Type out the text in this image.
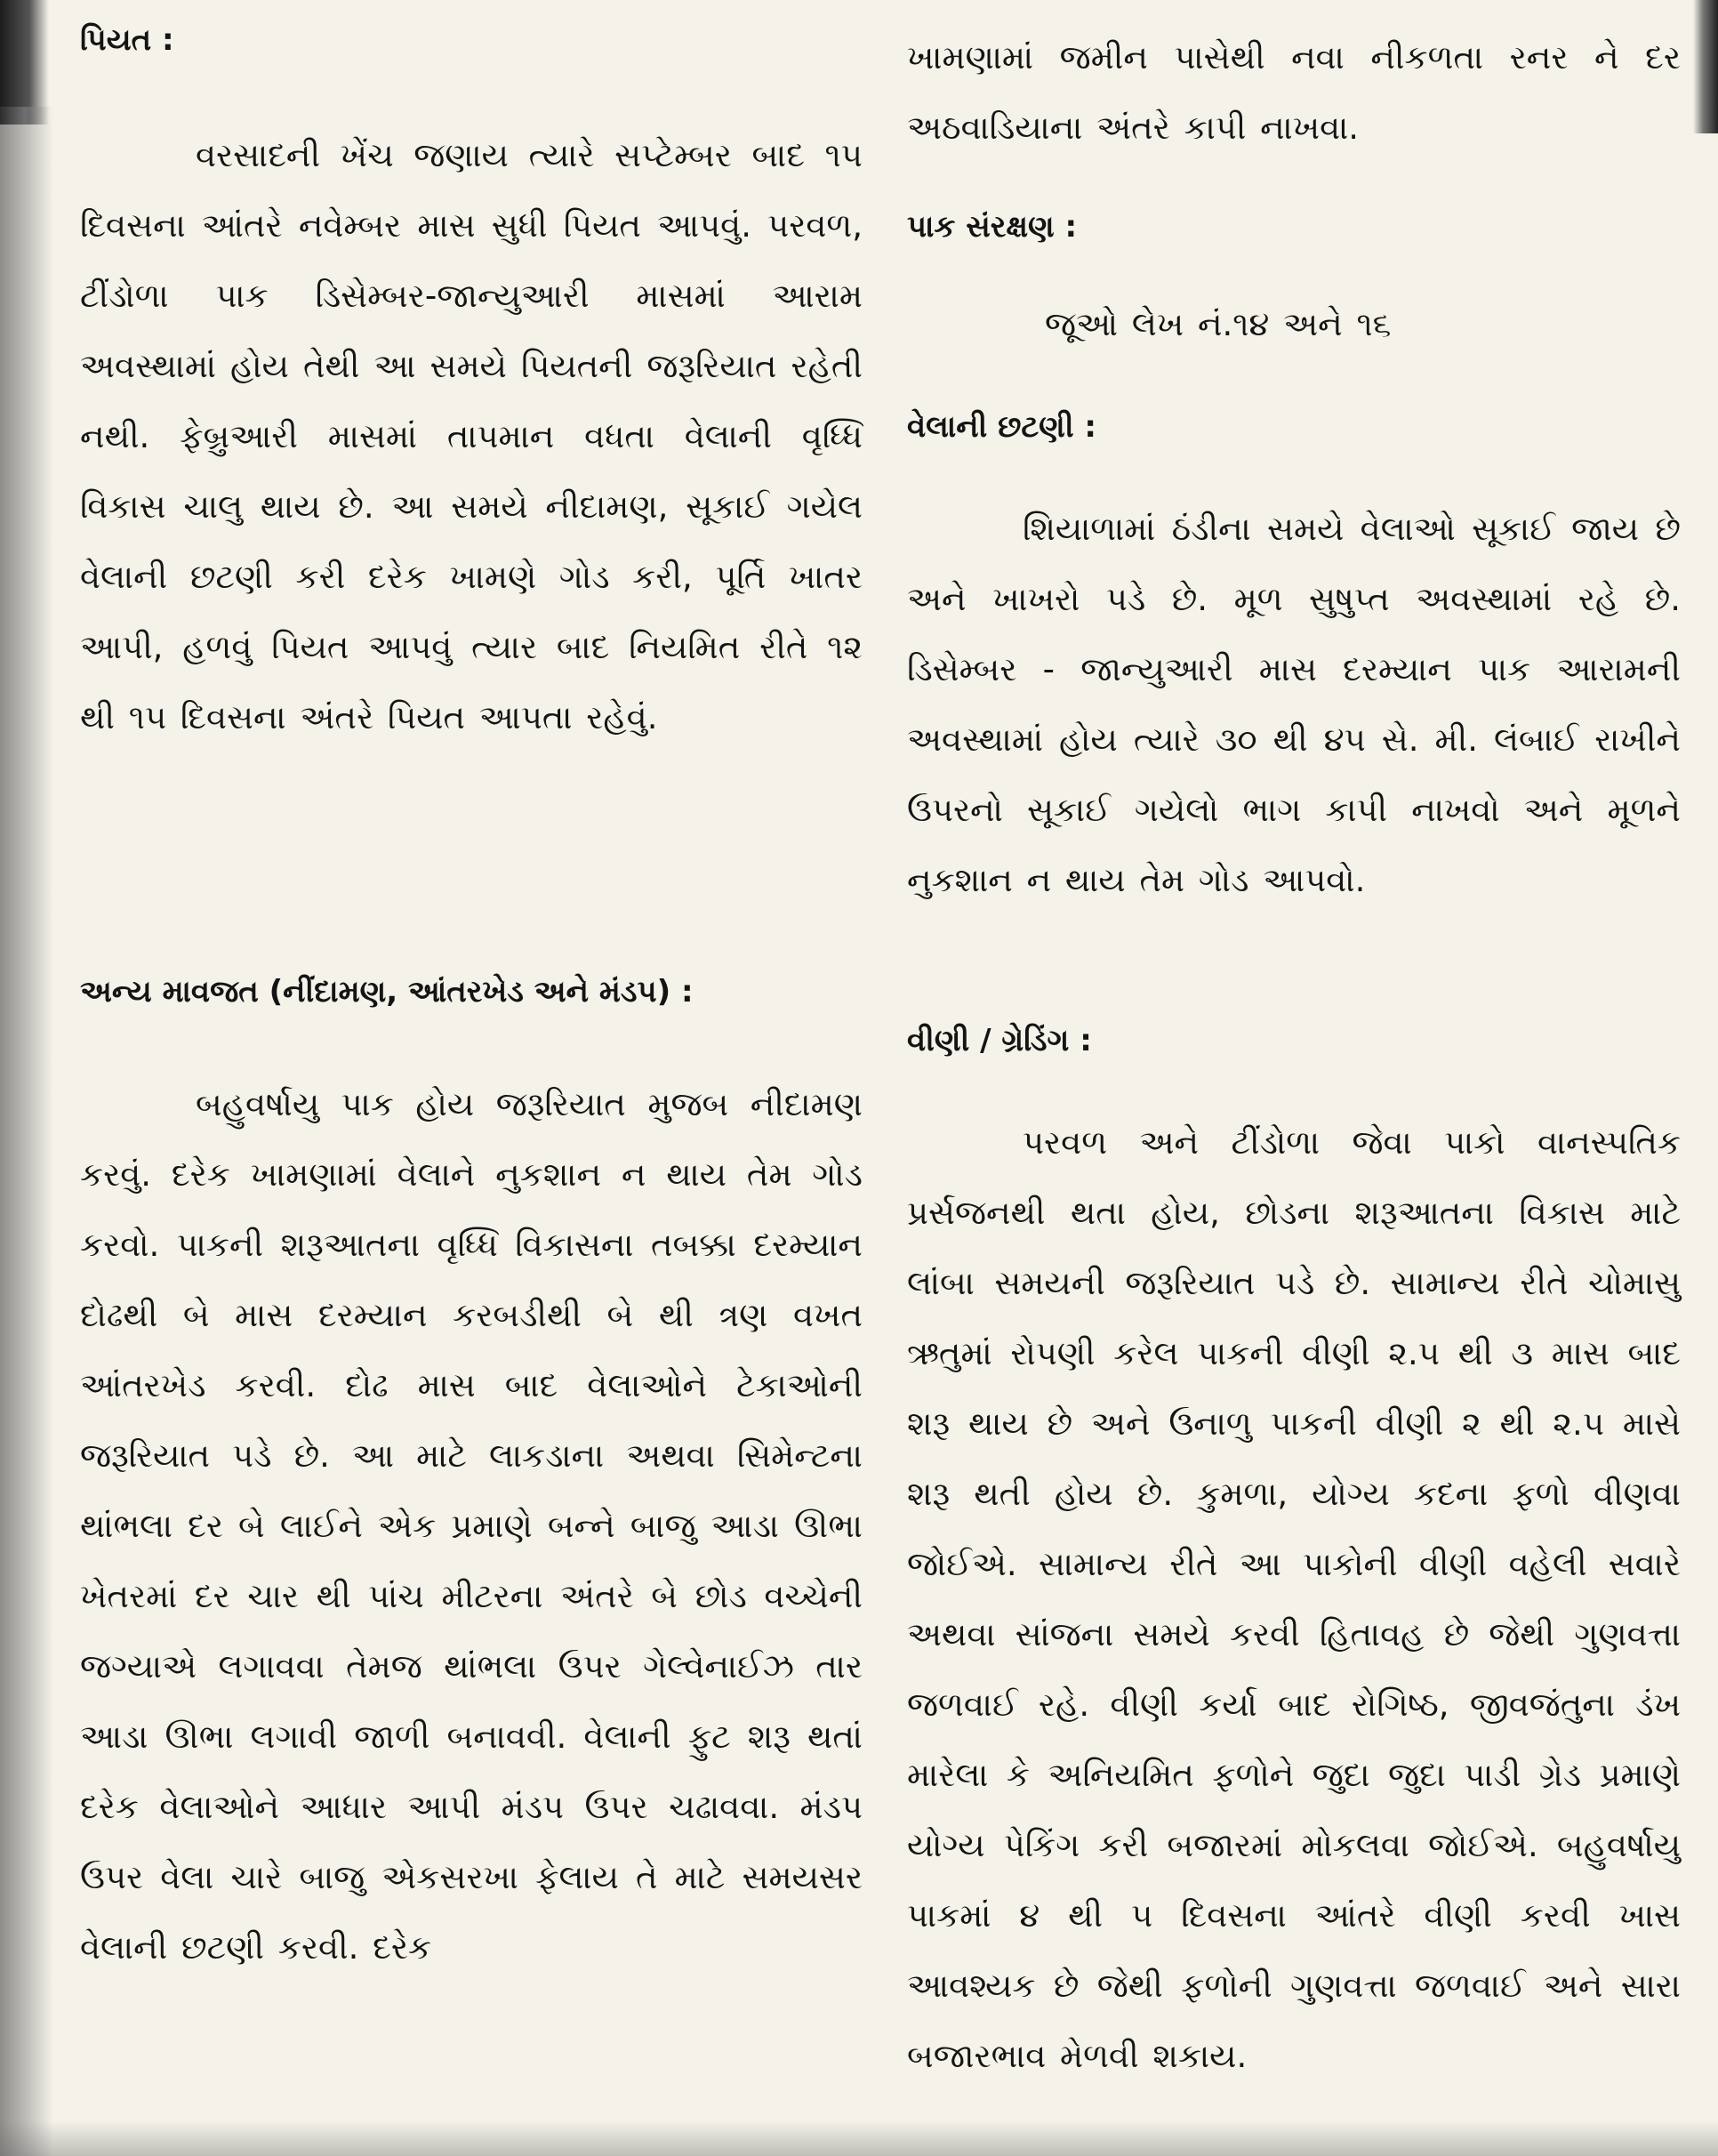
પિયત :

વરસાદની ખેંચ જણાય ત્યારે સપ્ટેમ્બર બાદ ૧૫ દિવસના આંતરે નવેમ્બર માસ સુધી પિયત આપવું. પરવળ, ટીંડોળા પાક ડિસેમ્બર-જાન્યુઆરી માસમાં આરામ અવસ્થામાં હોય તેથી આ સમયે પિયતની જરૂરિયાત રહેતી નથી. ફેબ્રુઆરી માસમાં તાપમાન વધતા વેલાની વૃધ્ધિ વિકાસ ચાલુ થાય છે. આ સમયે નીદામણ, સૂકાઈ ગયેલ વેલાની છટણી કરી દરેક ખામણે ગોડ કરી, પૂર્તિ ખાતર આપી, હળવું પિયત આપવું ત્યાર બાદ નિયમિત રીતે ૧૨ થી ૧૫ દિવસના અંતરે પિયત આપતા રહેવું.

અન્ય માવજત (નીંદામણ, આંતરખેડ અને મંડપ) :

બહુવર્ષાયુ પાક હોય જરૂરિયાત મુજબ નીદામણ કરવું. દરેક ખામણામાં વેલાને નુકશાન ન થાય તેમ ગોડ કરવો. પાકની શરૂઆતના વૃધ્ધિ વિકાસના તબક્કા દરમ્યાન દોઢથી બે માસ દરમ્યાન કરબડીથી બે થી ત્રણ વખત આંતરખેડ કરવી. દોઢ માસ બાદ વેલાઓને ટેકાઓની જરૂરિયાત પડે છે. આ માટે લાકડાના અથવા સિમેન્ટના થાંભલા દર બે લાઈને એક પ્રમાણે બન્ને બાજુ આડા ઊભા ખેતરમાં દર ચાર થી પાંચ મીટરના અંતરે બે છોડ વચ્ચેની જગ્યાએ લગાવવા તેમજ થાંભલા ઉપર ગેલ્વેનાઈઝ તાર આડા ઊભા લગાવી જાળી બનાવવી. વેલાની ફુટ શરૂ થતાં દરેક વેલાઓને આધાર આપી મંડપ ઉપર ચઢાવવા. મંડપ ઉપર વેલા ચારે બાજુ એકસરખા ફેલાય તે માટે સમયસર વેલાની છટણી કરવી. દરેક

ખામણામાં જમીન પાસેથી નવા નીકળતા રનર ને દર અઠવાડિયાના અંતરે કાપી નાખવા.

પાક સંરક્ષણ :

જૂઓ લેખ નં.૧૪ અને ૧૬

વેલાની છટણી :

શિયાળામાં ઠંડીના સમયે વેલાઓ સૂકાઈ જાય છે અને ખાખરો પડે છે. મૂળ સુષુપ્ત અવસ્થામાં રહે છે. ડિસેમ્બર - જાન્યુઆરી માસ દરમ્યાન પાક આરામની અવસ્થામાં હોય ત્યારે ૩૦ થી ૪૫ સે. મી. લંબાઈ રાખીને ઉપરનો સૂકાઈ ગયેલો ભાગ કાપી નાખવો અને મૂળને નુકશાન ન થાય તેમ ગોડ આપવો.

વીણી / ગ્રેડિંગ :

પરવળ અને ટીંડોળા જેવા પાકો વાનસ્પતિક પ્રર્સજનથી થતા હોય, છોડના શરૂઆતના વિકાસ માટે લાંબા સમયની જરૂરિયાત પડે છે. સામાન્ય રીતે ચોમાસુ ઋતુમાં રોપણી કરેલ પાકની વીણી ૨.૫ થી ૩ માસ બાદ શરૂ થાય છે અને ઉનાળુ પાકની વીણી ૨ થી ૨.૫ માસે શરૂ થતી હોય છે. કુમળા, યોગ્ય કદના ફળો વીણવા જોઈએ. સામાન્ય રીતે આ પાકોની વીણી વહેલી સવારે અથવા સાંજના સમયે કરવી હિતાવહ છે જેથી ગુણવત્તા જળવાઈ રહે. વીણી કર્યા બાદ રોગિષ્ઠ, જીવજંતુના ડંખ મારેલા કે અનિયમિત ફળોને જુદા જુદા પાડી ગ્રેડ પ્રમાણે યોગ્ય પેકિંગ કરી બજારમાં મોકલવા જોઈએ. બહુવર્ષાયુ પાકમાં ૪ થી ૫ દિવસના આંતરે વીણી કરવી ખાસ આવશ્યક છે જેથી ફળોની ગુણવત્તા જળવાઈ અને સારા બજારભાવ મેળવી શકાય.
